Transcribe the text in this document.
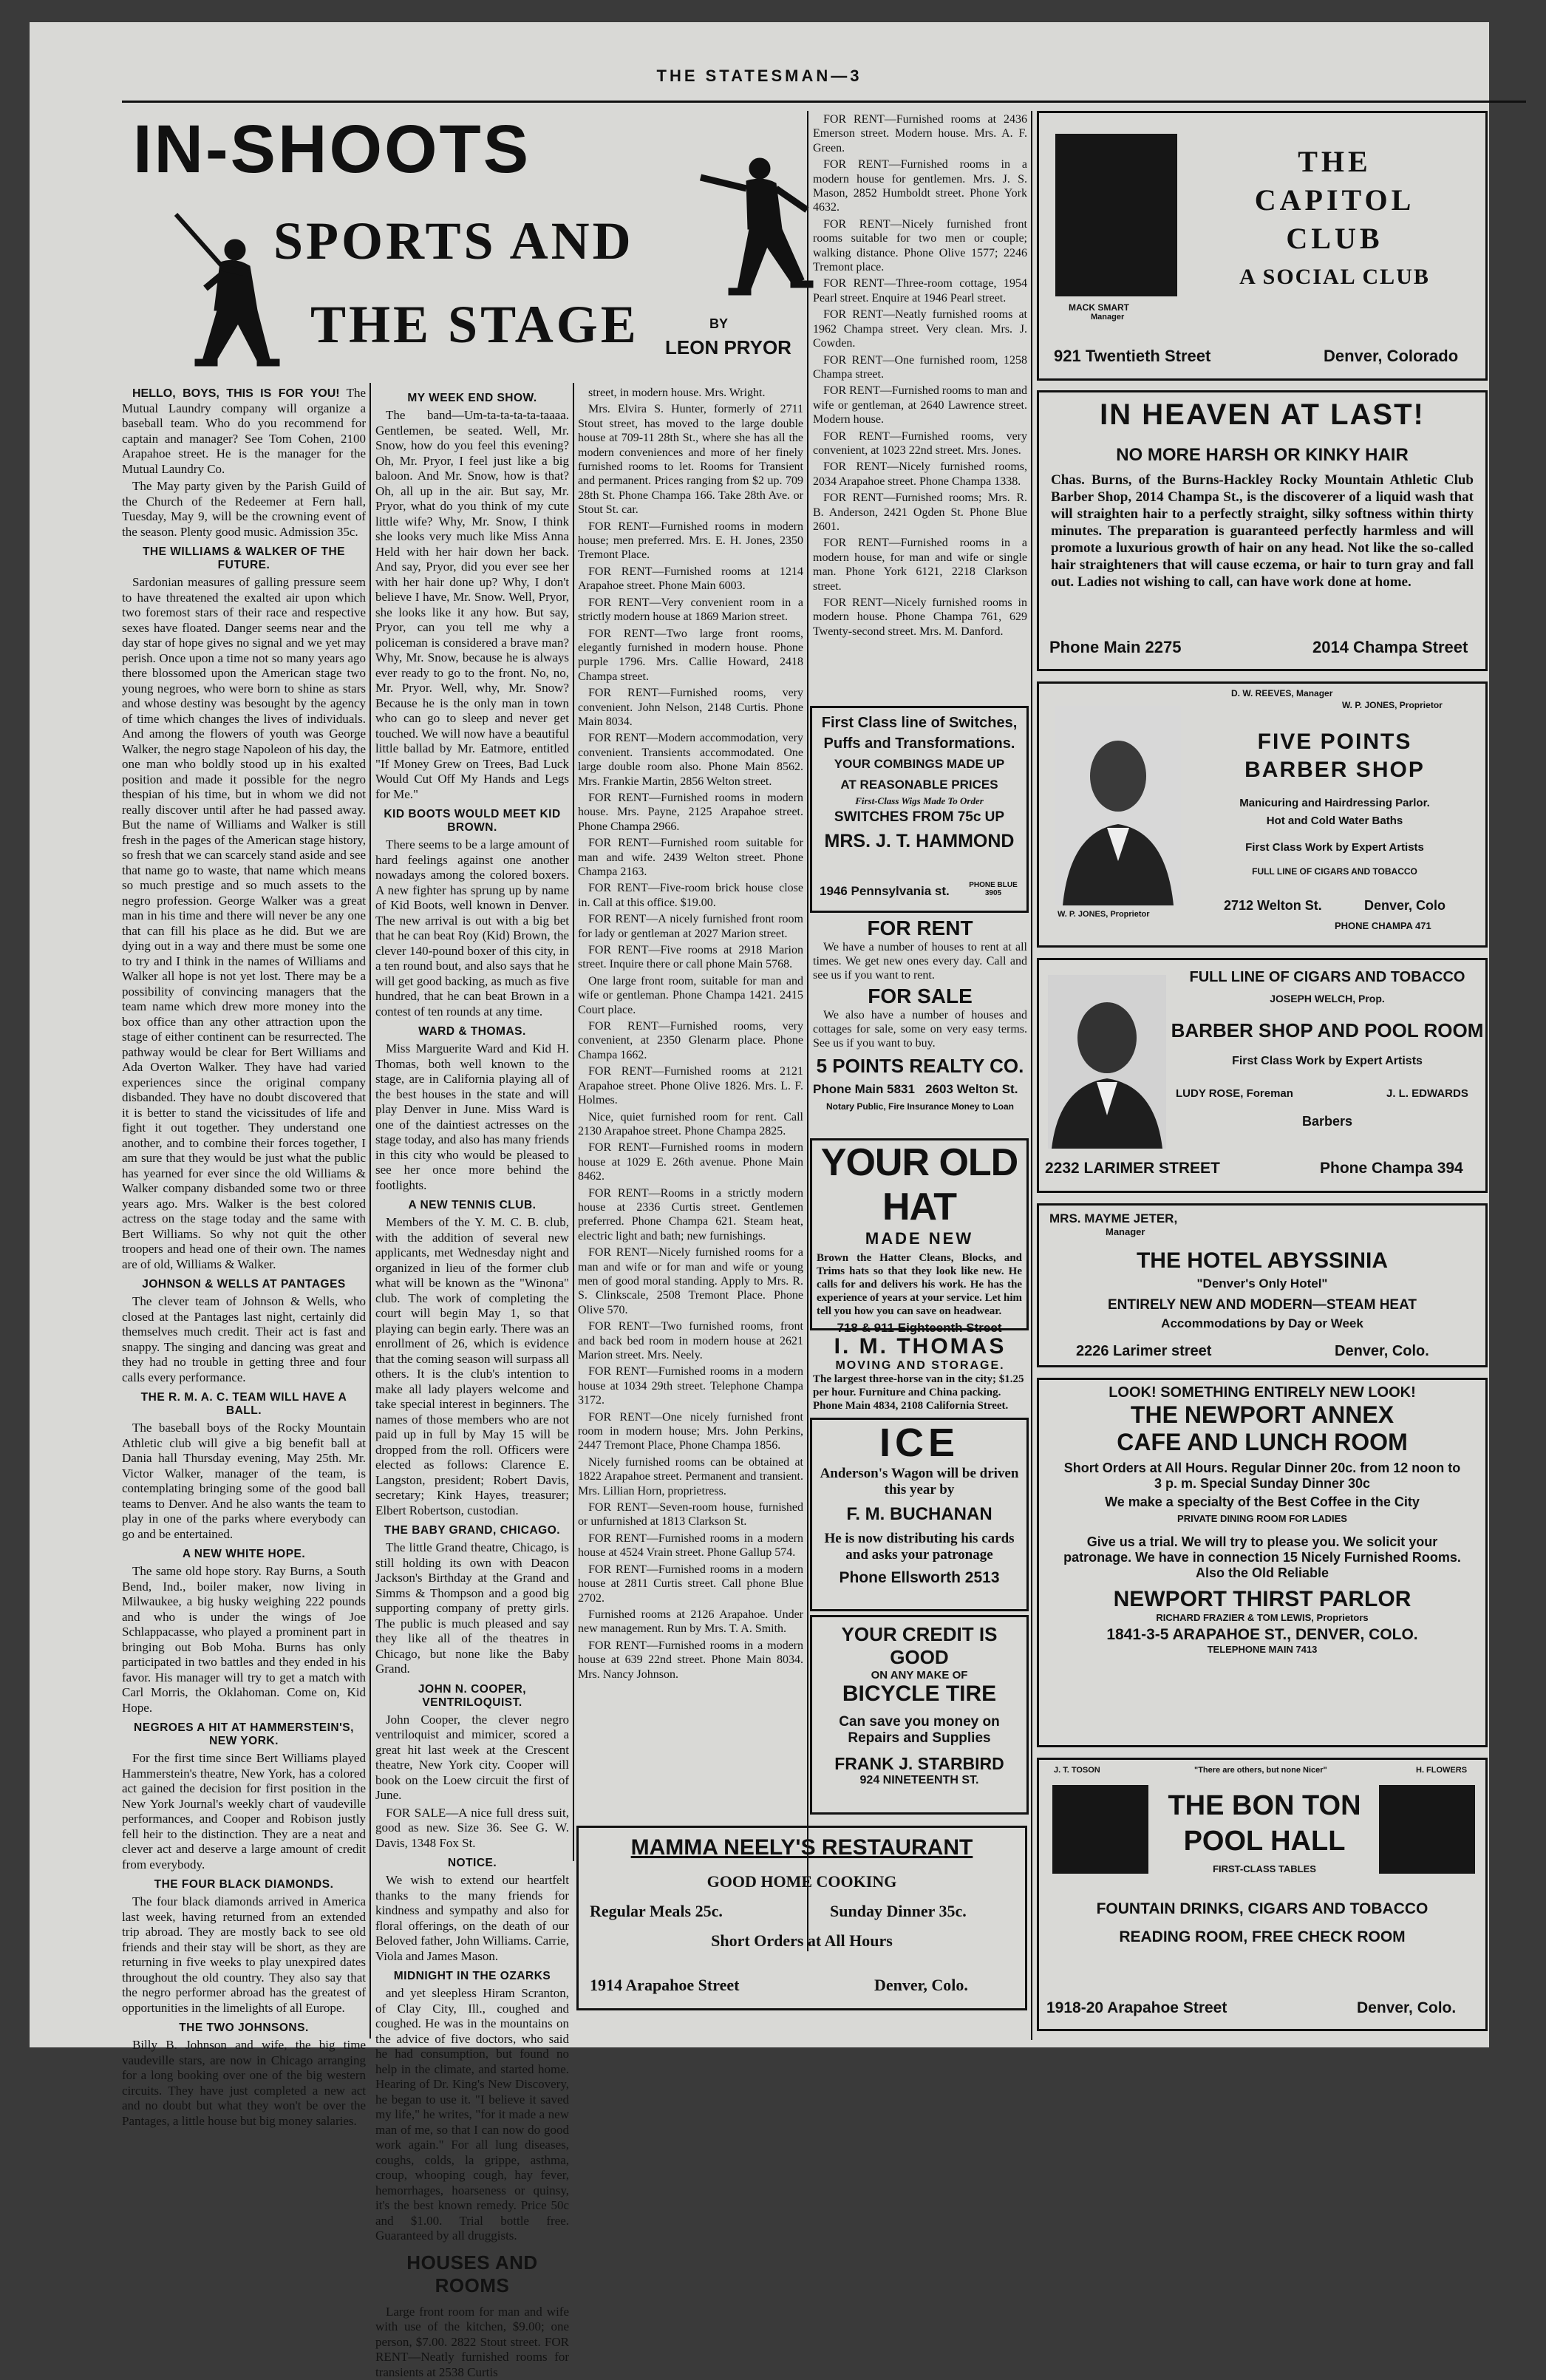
THE STATESMAN—3
IN-SHOOTS
SPORTS AND
THE STAGE	BY
LEON PRYOR

HELLO, BOYS, THIS IS FOR YOU! The Mutual Laundry company will organize a baseball team. Who do you recommend for captain and manager? See Tom Cohen, 2100 Arapahoe street. He is the manager for the Mutual Laundry Co.

The May party given by the Parish Guild of the Church of the Redeemer at Fern hall, Tuesday, May 9, will be the crowning event of the season. Plenty good music. Admission 35c.

THE WILLIAMS & WALKER OF THE FUTURE.

Sardonian measures of galling pressure seem to have threatened the exalted air upon which two foremost stars of their race and respective sexes have floated. Danger seems near and the day star of hope gives no signal and we yet may perish. Once upon a time not so many years ago there blossomed upon the American stage two young negroes, who were born to shine as stars and whose destiny was besought by the agency of time which changes the lives of individuals. And among the flowers of youth was George Walker, the negro stage Napoleon of his day, the one man who boldly stood up in his exalted position and made it possible for the negro thespian of his time, but in whom we did not really discover until after he had passed away. But the name of Williams and Walker is still fresh in the pages of the American stage history, so fresh that we can scarcely stand aside and see that name go to waste, that name which means so much prestige and so much assets to the negro profession. George Walker was a great man in his time and there will never be any one that can fill his place as he did. But we are dying out in a way and there must be some one to try and I think in the names of Williams and Walker all hope is not yet lost. There may be a possibility of convincing managers that the team name which drew more money into the box office than any other attraction upon the stage of either continent can be resurrected. The pathway would be clear for Bert Williams and Ada Overton Walker. They have had varied experiences since the original company disbanded. They have no doubt discovered that it is better to stand the vicissitudes of life and fight it out together. They understand one another, and to combine their forces together, I am sure that they would be just what the public has yearned for ever since the old Williams & Walker company disbanded some two or three years ago. Mrs. Walker is the best colored actress on the stage today and the same with Bert Williams. So why not quit the other troopers and head one of their own. The names are of old, Williams & Walker.

JOHNSON & WELLS AT PANTAGES

The clever team of Johnson & Wells, who closed at the Pantages last night, certainly did themselves much credit. Their act is fast and snappy. The singing and dancing was great and they had no trouble in getting three and four calls every performance.

THE R. M. A. C. TEAM WILL HAVE A BALL.

The baseball boys of the Rocky Mountain Athletic club will give a big benefit ball at Dania hall Thursday evening, May 25th. Mr. Victor Walker, manager of the team, is contemplating bringing some of the good ball teams to Denver. And he also wants the team to play in one of the parks where everybody can go and be entertained.

A NEW WHITE HOPE.

The same old hope story. Ray Burns, a South Bend, Ind., boiler maker, now living in Milwaukee, a big husky weighing 222 pounds and who is under the wings of Joe Schlappacasse, who played a prominent part in bringing out Bob Moha. Burns has only participated in two battles and they ended in his favor. His manager will try to get a match with Carl Morris, the Oklahoman. Come on, Kid Hope.

NEGROES A HIT AT HAMMERSTEIN'S, NEW YORK.

For the first time since Bert Williams played Hammerstein's theatre, New York, has a colored act gained the decision for first position in the New York Journal's weekly chart of vaudeville performances, and Cooper and Robison justly fell heir to the distinction. They are a neat and clever act and deserve a large amount of credit from everybody.

THE FOUR BLACK DIAMONDS.

The four black diamonds arrived in America last week, having returned from an extended trip abroad. They are mostly back to see old friends and their stay will be short, as they are returning in five weeks to play unexpired dates throughout the old country. They also say that the negro performer abroad has the greatest of opportunities in the limelights of all Europe.

THE TWO JOHNSONS.

Billy B. Johnson and wife, the big time vaudeville stars, are now in Chicago arranging for a long booking over one of the big western circuits. They have just completed a new act and no doubt but what they won't be over the Pantages, a little house but big money salaries.

MY WEEK END SHOW.

The band—Um-ta-ta-ta-ta-taaaa. Gentlemen, be seated. Well, Mr. Snow, how do you feel this evening? Oh, Mr. Pryor, I feel just like a big baloon. And Mr. Snow, how is that? Oh, all up in the air. But say, Mr. Pryor, what do you think of my cute little wife? Why, Mr. Snow, I think she looks very much like Miss Anna Held with her hair down her back. And say, Pryor, did you ever see her with her hair done up? Why, I don't believe I have, Mr. Snow. Well, Pryor, she looks like it any how. But say, Pryor, can you tell me why a policeman is considered a brave man? Why, Mr. Snow, because he is always ever ready to go to the front. No, no, Mr. Pryor. Well, why, Mr. Snow? Because he is the only man in town who can go to sleep and never get touched. We will now have a beautiful little ballad by Mr. Eatmore, entitled "If Money Grew on Trees, Bad Luck Would Cut Off My Hands and Legs for Me."

KID BOOTS WOULD MEET KID BROWN.

There seems to be a large amount of hard feelings against one another nowadays among the colored boxers. A new fighter has sprung up by name of Kid Boots, well known in Denver. The new arrival is out with a big bet that he can beat Roy (Kid) Brown, the clever 140-pound boxer of this city, in a ten round bout, and also says that he will get good backing, as much as five hundred, that he can beat Brown in a contest of ten rounds at any time.

WARD & THOMAS.

Miss Marguerite Ward and Kid H. Thomas, both well known to the stage, are in California playing all of the best houses in the state and will play Denver in June. Miss Ward is one of the daintiest actresses on the stage today, and also has many friends in this city who would be pleased to see her once more behind the footlights.

A NEW TENNIS CLUB.

Members of the Y. M. C. B. club, with the addition of several new applicants, met Wednesday night and organized in lieu of the former club what will be known as the "Winona" club. The work of completing the court will begin May 1, so that playing can begin early. There was an enrollment of 26, which is evidence that the coming season will surpass all others. It is the club's intention to make all lady players welcome and take special interest in beginners. The names of those members who are not paid up in full by May 15 will be dropped from the roll. Officers were elected as follows: Clarence E. Langston, president; Robert Davis, secretary; Kink Hayes, treasurer; Elbert Robertson, custodian.

THE BABY GRAND, CHICAGO.

The little Grand theatre, Chicago, is still holding its own with Deacon Jackson's Birthday at the Grand and Simms & Thompson and a good big supporting company of pretty girls. The public is much pleased and say they like all of the theatres in Chicago, but none like the Baby Grand.

JOHN N. COOPER, VENTRILOQUIST.

John Cooper, the clever negro ventriloquist and mimicer, scored a great hit last week at the Crescent theatre, New York city. Cooper will book on the Loew circuit the first of June.

FOR SALE—A nice full dress suit, good as new. Size 36. See G. W. Davis, 1348 Fox St.

NOTICE.

We wish to extend our heartfelt thanks to the many friends for kindness and sympathy and also for floral offerings, on the death of our Beloved father, John Williams. Carrie, Viola and James Mason.

MIDNIGHT IN THE OZARKS

and yet sleepless Hiram Scranton, of Clay City, Ill., coughed and coughed. He was in the mountains on the advice of five doctors, who said he had consumption, but found no help in the climate, and started home. Hearing of Dr. King's New Discovery, he began to use it. "I believe it saved my life," he writes, "for it made a new man of me, so that I can now do good work again." For all lung diseases, coughs, colds, la grippe, asthma, croup, whooping cough, hay fever, hemorrhages, hoarseness or quinsy, it's the best known remedy. Price 50c and $1.00. Trial bottle free. Guaranteed by all druggists.

HOUSES AND ROOMS

Large front room for man and wife with use of the kitchen, $9.00; one person, $7.00. 2822 Stout street. FOR RENT—Neatly furnished rooms for transients at 2538 Curtis

street, in modern house. Mrs. Wright.

Mrs. Elvira S. Hunter, formerly of 2711 Stout street, has moved to the large double house at 709-11 28th St., where she has all the modern conveniences and more of her finely furnished rooms to let. Rooms for Transient and permanent. Prices ranging from $2 up. 709 28th St. Phone Champa 166. Take 28th Ave. or Stout St. car.

FOR RENT—Furnished rooms in modern house; men preferred. Mrs. E. H. Jones, 2350 Tremont Place.

FOR RENT—Furnished rooms at 1214 Arapahoe street. Phone Main 6003.

FOR RENT—Very convenient room in a strictly modern house at 1869 Marion street.

FOR RENT—Two large front rooms, elegantly furnished in modern house. Phone purple 1796. Mrs. Callie Howard, 2418 Champa street.

FOR RENT—Furnished rooms, very convenient. John Nelson, 2148 Curtis. Phone Main 8034.

FOR RENT—Modern accommodation, very convenient. Transients accommodated. One large double room also. Phone Main 8562. Mrs. Frankie Martin, 2856 Welton street.

FOR RENT—Furnished rooms in modern house. Mrs. Payne, 2125 Arapahoe street. Phone Champa 2966.

FOR RENT—Furnished room suitable for man and wife. 2439 Welton street. Phone Champa 2163.

FOR RENT—Five-room brick house close in. Call at this office. $19.00.

FOR RENT—A nicely furnished front room for lady or gentleman at 2027 Marion street.

FOR RENT—Five rooms at 2918 Marion street. Inquire there or call phone Main 5768.

One large front room, suitable for man and wife or gentleman. Phone Champa 1421. 2415 Court place.

FOR RENT—Furnished rooms, very convenient, at 2350 Glenarm place. Phone Champa 1662.

FOR RENT—Furnished rooms at 2121 Arapahoe street. Phone Olive 1826. Mrs. L. F. Holmes.

Nice, quiet furnished room for rent. Call 2130 Arapahoe street. Phone Champa 2825.

FOR RENT—Furnished rooms in modern house at 1029 E. 26th avenue. Phone Main 8462.

FOR RENT—Rooms in a strictly modern house at 2336 Curtis street. Gentlemen preferred. Phone Champa 621. Steam heat, electric light and bath; new furnishings.

FOR RENT—Nicely furnished rooms for a man and wife or for man and wife or young men of good moral standing. Apply to Mrs. R. S. Clinkscale, 2508 Tremont Place. Phone Olive 570.

FOR RENT—Two furnished rooms, front and back bed room in modern house at 2621 Marion street. Mrs. Neely.

FOR RENT—Furnished rooms in a modern house at 1034 29th street. Telephone Champa 3172.

FOR RENT—One nicely furnished front room in modern house; Mrs. John Perkins, 2447 Tremont Place, Phone Champa 1856.

Nicely furnished rooms can be obtained at 1822 Arapahoe street. Permanent and transient. Mrs. Lillian Horn, proprietress.

FOR RENT—Seven-room house, furnished or unfurnished at 1813 Clarkson St.

FOR RENT—Furnished rooms in a modern house at 4524 Vrain street. Phone Gallup 574.

FOR RENT—Furnished rooms in a modern house at 2811 Curtis street. Call phone Blue 2702.

Furnished rooms at 2126 Arapahoe. Under new management. Run by Mrs. T. A. Smith.

FOR RENT—Furnished rooms in a modern house at 639 22nd street. Phone Main 8034. Mrs. Nancy Johnson.

MAMMA NEELY'S RESTAURANT
GOOD HOME COOKING
Regular Meals 25c.	Sunday Dinner 35c.
Short Orders at All Hours
1914 Arapahoe Street	Denver, Colo.

FOR RENT—Furnished rooms at 2436 Emerson street. Modern house. Mrs. A. F. Green.

FOR RENT—Furnished rooms in a modern house for gentlemen. Mrs. J. S. Mason, 2852 Humboldt street. Phone York 4632.

FOR RENT—Nicely furnished front rooms suitable for two men or couple; walking distance. Phone Olive 1577; 2246 Tremont place.

FOR RENT—Three-room cottage, 1954 Pearl street. Enquire at 1946 Pearl street.

FOR RENT—Neatly furnished rooms at 1962 Champa street. Very clean. Mrs. J. Cowden.

FOR RENT—One furnished room, 1258 Champa street.

FOR RENT—Furnished rooms to man and wife or gentleman, at 2640 Lawrence street. Modern house.

FOR RENT—Furnished rooms, very convenient, at 1023 22nd street. Mrs. Jones.

FOR RENT—Nicely furnished rooms, 2034 Arapahoe street. Phone Champa 1338.

FOR RENT—Furnished rooms; Mrs. R. B. Anderson, 2421 Ogden St. Phone Blue 2601.

FOR RENT—Furnished rooms in a modern house, for man and wife or single man. Phone York 6121, 2218 Clarkson street.

FOR RENT—Nicely furnished rooms in modern house. Phone Champa 761, 629 Twenty-second street. Mrs. M. Danford.

First Class line of Switches,
Puffs and Transformations.
YOUR COMBINGS MADE UP
AT REASONABLE PRICES
First-Class Wigs Made To Order
SWITCHES FROM 75c UP
MRS. J. T. HAMMOND
1946 Pennsylvania st.	PHONE BLUE 3905
FOR RENT

We have a number of houses to rent at all times. We get new ones every day. Call and see us if you want to rent.

FOR SALE

We also have a number of houses and cottages for sale, some on very easy terms. See us if you want to buy.

5 POINTS REALTY CO.
Phone Main 5831 2603 Welton St.
Notary Public, Fire Insurance Money to Loan
YOUR OLD HAT
MADE NEW
Brown the Hatter Cleans, Blocks, and Trims hats so that they look like new. He calls for and delivers his work. He has the experience of years at your service. Let him tell you how you can save on headwear.
718 & 911 Eighteenth Street
I. M. THOMAS
MOVING AND STORAGE.
The largest three-horse van in the city; $1.25 per hour. Furniture and China packing. Phone Main 4834, 2108 California Street.
ICE
Anderson's Wagon will be driven this year by
F. M. BUCHANAN
He is now distributing his cards and asks your patronage
Phone Ellsworth 2513
YOUR CREDIT IS GOOD
ON ANY MAKE OF
BICYCLE TIRE
Can save you money on
Repairs and Supplies
FRANK J. STARBIRD
924 NINETEENTH ST.
MACK SMART
Manager
THE
CAPITOL
CLUB
A SOCIAL CLUB
921 Twentieth Street	Denver, Colorado
IN HEAVEN AT LAST!
NO MORE HARSH OR KINKY HAIR
Chas. Burns, of the Burns-Hackley Rocky Mountain Athletic Club Barber Shop, 2014 Champa St., is the discoverer of a liquid wash that will straighten hair to a perfectly straight, silky softness within thirty minutes. The preparation is guaranteed perfectly harmless and will promote a luxurious growth of hair on any head. Not like the so-called hair straighteners that will cause eczema, or hair to turn gray and fall out. Ladies not wishing to call, can have work done at home.
Phone Main 2275	2014 Champa Street
D. W. REEVES, Manager
W. P. JONES, Proprietor
W. P. JONES, Proprietor
FIVE POINTS
BARBER SHOP
Manicuring and Hairdressing Parlor.
Hot and Cold Water Baths
First Class Work by Expert Artists
FULL LINE OF CIGARS AND TOBACCO
2712 Welton St.	Denver, Colo
PHONE CHAMPA 471
FULL LINE OF CIGARS AND TOBACCO
JOSEPH WELCH, Prop.
BARBER SHOP AND POOL ROOM
First Class Work by Expert Artists
LUDY ROSE, Foreman	J. L. EDWARDS
Barbers
2232 LARIMER STREET	Phone Champa 394
MRS. MAYME JETER,
Manager
THE HOTEL ABYSSINIA
"Denver's Only Hotel"
ENTIRELY NEW AND MODERN—STEAM HEAT
Accommodations by Day or Week
2226 Larimer street	Denver, Colo.
LOOK! SOMETHING ENTIRELY NEW LOOK!
THE NEWPORT ANNEX
CAFE AND LUNCH ROOM
Short Orders at All Hours. Regular Dinner 20c. from 12 noon to 3 p. m. Special Sunday Dinner 30c
We make a specialty of the Best Coffee in the City
PRIVATE DINING ROOM FOR LADIES
Give us a trial. We will try to please you. We solicit your patronage. We have in connection 15 Nicely Furnished Rooms. Also the Old Reliable
NEWPORT THIRST PARLOR
RICHARD FRAZIER & TOM LEWIS, Proprietors
1841-3-5 ARAPAHOE ST., DENVER, COLO.
TELEPHONE MAIN 7413
J. T. TOSON	"There are others, but none Nicer"	H. FLOWERS
THE BON TON
POOL HALL
FIRST-CLASS TABLES
FOUNTAIN DRINKS, CIGARS AND TOBACCO
READING ROOM, FREE CHECK ROOM
1918-20 Arapahoe Street	Denver, Colo.
